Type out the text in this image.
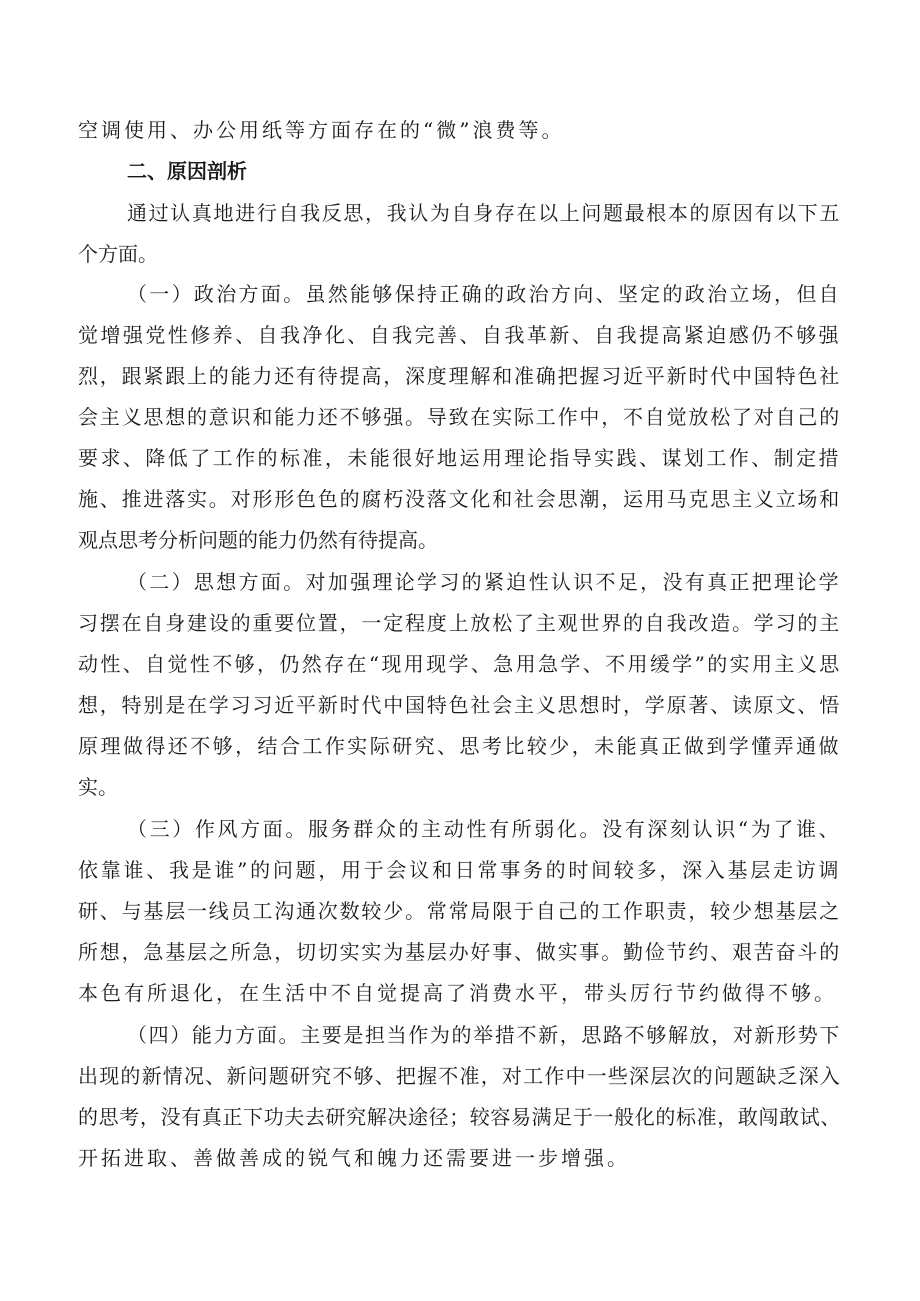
空调使用、办公用纸等方面存在的“微”浪费等。
二、原因剖析
通过认真地进行自我反思，我认为自身存在以上问题最根本的原因有以下五
个方面。
（一）政治方面。虽然能够保持正确的政治方向、坚定的政治立场，但自
觉增强党性修养、自我净化、自我完善、自我革新、自我提高紧迫感仍不够强
烈，跟紧跟上的能力还有待提高，深度理解和准确把握习近平新时代中国特色社
会主义思想的意识和能力还不够强。导致在实际工作中，不自觉放松了对自己的
要求、降低了工作的标准，未能很好地运用理论指导实践、谋划工作、制定措
施、推进落实。对形形色色的腐朽没落文化和社会思潮，运用马克思主义立场和
观点思考分析问题的能力仍然有待提高。
（二）思想方面。对加强理论学习的紧迫性认识不足，没有真正把理论学
习摆在自身建设的重要位置，一定程度上放松了主观世界的自我改造。学习的主
动性、自觉性不够，仍然存在“现用现学、急用急学、不用缓学”的实用主义思
想，特别是在学习习近平新时代中国特色社会主义思想时，学原著、读原文、悟
原理做得还不够，结合工作实际研究、思考比较少，未能真正做到学懂弄通做
实。
（三）作风方面。服务群众的主动性有所弱化。没有深刻认识“为了谁、
依靠谁、我是谁”的问题，用于会议和日常事务的时间较多，深入基层走访调
研、与基层一线员工沟通次数较少。常常局限于自己的工作职责，较少想基层之
所想，急基层之所急，切切实实为基层办好事、做实事。勤俭节约、艰苦奋斗的
本色有所退化，在生活中不自觉提高了消费水平，带头厉行节约做得不够。
（四）能力方面。主要是担当作为的举措不新，思路不够解放，对新形势下
出现的新情况、新问题研究不够、把握不准，对工作中一些深层次的问题缺乏深入
的思考，没有真正下功夫去研究解决途径；较容易满足于一般化的标准，敢闯敢试、
开拓进取、善做善成的锐气和魄力还需要进一步增强。
